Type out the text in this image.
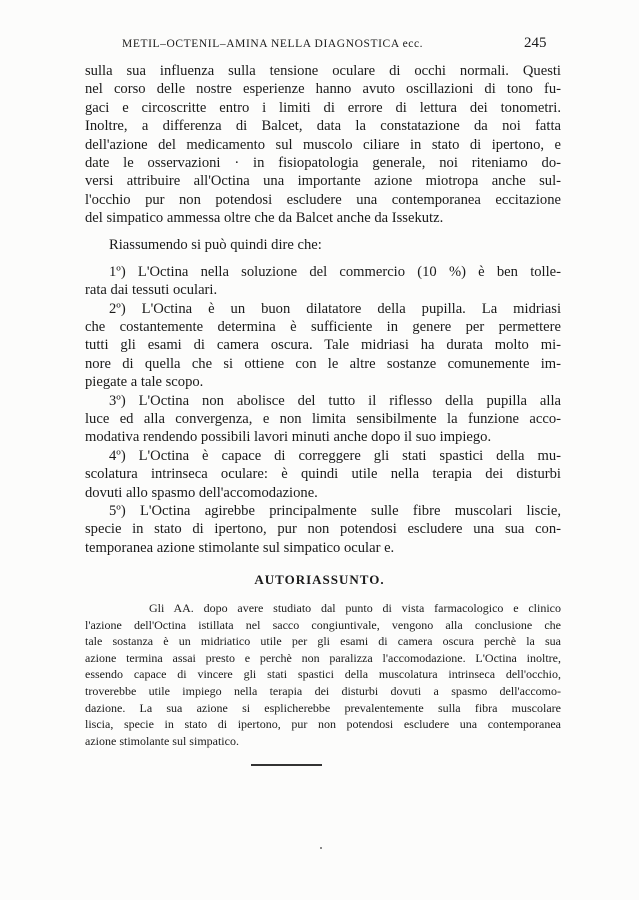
METIL–OCTENIL–AMINA NELLA DIAGNOSTICA ecc.	245
sulla sua influenza sulla tensione oculare di occhi normali. Questi
nel corso delle nostre esperienze hanno avuto oscillazioni di tono fu-
gaci e circoscritte entro i limiti di errore di lettura dei tonometri.
Inoltre, a differenza di Balcet, data la constatazione da noi fatta
dell'azione del medicamento sul muscolo ciliare in stato di ipertono, e
date le osservazioni · in fisiopatologia generale, noi riteniamo do-
versi attribuire all'Octina una importante azione miotropa anche sul-
l'occhio pur non potendosi escludere una contemporanea eccitazione
del simpatico ammessa oltre che da Balcet anche da Issekutz.
Riassumendo si può quindi dire che:
1º) L'Octina nella soluzione del commercio (10 %) è ben tolle-
rata dai tessuti oculari.
2º) L'Octina è un buon dilatatore della pupilla. La midriasi
che costantemente determina è sufficiente in genere per permettere
tutti gli esami di camera oscura. Tale midriasi ha durata molto mi-
nore di quella che si ottiene con le altre sostanze comunemente im-
piegate a tale scopo.
3º) L'Octina non abolisce del tutto il riflesso della pupilla alla
luce ed alla convergenza, e non limita sensibilmente la funzione acco-
modativa rendendo possibili lavori minuti anche dopo il suo impiego.
4º) L'Octina è capace di correggere gli stati spastici della mu-
scolatura intrinseca oculare: è quindi utile nella terapia dei disturbi
dovuti allo spasmo dell'accomodazione.
5º) L'Octina agirebbe principalmente sulle fibre muscolari liscie,
specie in stato di ipertono, pur non potendosi escludere una sua con-
temporanea azione stimolante sul simpatico ocular e.
AUTORIASSUNTO.
Gli AA. dopo avere studiato dal punto di vista farmacologico e clinico
l'azione dell'Octina istillata nel sacco congiuntivale, vengono alla conclusione che
tale sostanza è un midriatico utile per gli esami di camera oscura perchè la sua
azione termina assai presto e perchè non paralizza l'accomodazione. L'Octina inoltre,
essendo capace di vincere gli stati spastici della muscolatura intrinseca dell'occhio,
troverebbe utile impiego nella terapia dei disturbi dovuti a spasmo dell'accomo-
dazione. La sua azione si esplicherebbe prevalentemente sulla fibra muscolare
liscia, specie in stato di ipertono, pur non potendosi escludere una contemporanea
azione stimolante sul simpatico.
